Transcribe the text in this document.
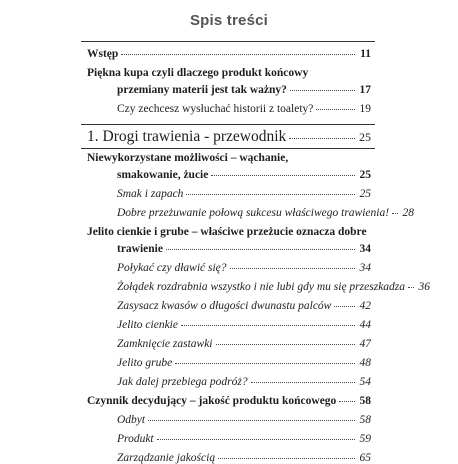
Spis treści
Wstęp	11
Piękna kupa czyli dlaczego produkt końcowy
przemiany materii jest tak ważny?	17
Czy zechcesz wysłuchać historii z toalety?	19
1. Drogi trawienia - przewodnik	25
Niewykorzystane możliwości – wąchanie,
smakowanie, żucie	25
Smak i zapach	25
Dobre przeżuwanie połową sukcesu właściwego trawienia! 28
Jelito cienkie i grube – właściwe przeżucie oznacza dobre
trawienie	34
Połykać czy dławić się?	34
Żołądek rozdrabnia wszystko i nie lubi gdy mu się przeszkadza 36
Zasysacz kwasów o długości dwunastu palców 42
Jelito cienkie	44
Zamknięcie zastawki	47
Jelito grube	48
Jak dalej przebiega podróż?	54
Czynnik decydujący – jakość produktu końcowego 58
Odbyt	58
Produkt	59
Zarządzanie jakością	65
